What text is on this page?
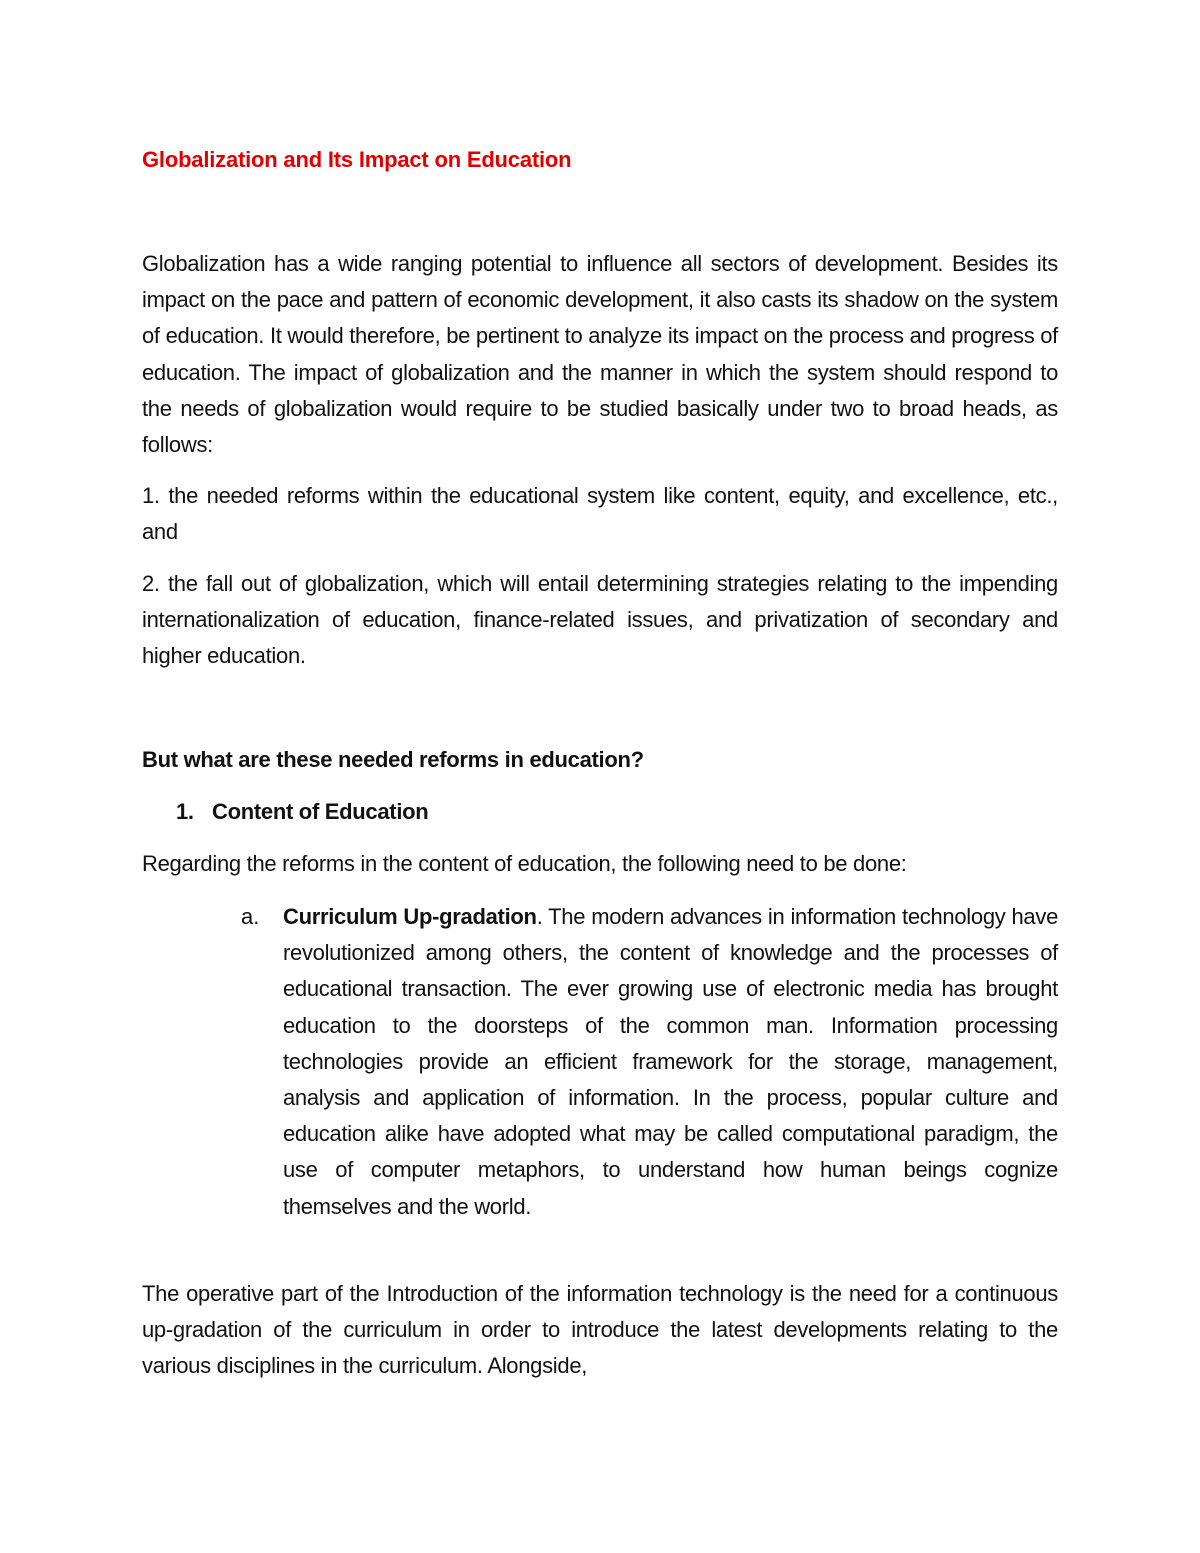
Globalization and Its Impact on Education

Globalization has a wide ranging potential to influence all sectors of development. Besides its impact on the pace and pattern of economic development, it also casts its shadow on the system of education. It would therefore, be pertinent to analyze its impact on the process and progress of education. The impact of globalization and the manner in which the system should respond to the needs of globalization would require to be studied basically under two to broad heads, as follows:

1. the needed reforms within the educational system like content, equity, and excellence, etc., and

2. the fall out of globalization, which will entail determining strategies relating to the impending internationalization of education, finance-related issues, and privatization of secondary and higher education.

But what are these needed reforms in education?
1. Content of Education

Regarding the reforms in the content of education, the following need to be done:

a. Curriculum Up-gradation. The modern advances in information technology have revolutionized among others, the content of knowledge and the processes of educational transaction. The ever growing use of electronic media has brought education to the doorsteps of the common man. Information processing technologies provide an efficient framework for the storage, management, analysis and application of information. In the process, popular culture and education alike have adopted what may be called computational paradigm, the use of computer metaphors, to understand how human beings cognize themselves and the world.

The operative part of the Introduction of the information technology is the need for a continuous up-gradation of the curriculum in order to introduce the latest developments relating to the various disciplines in the curriculum. Alongside,
